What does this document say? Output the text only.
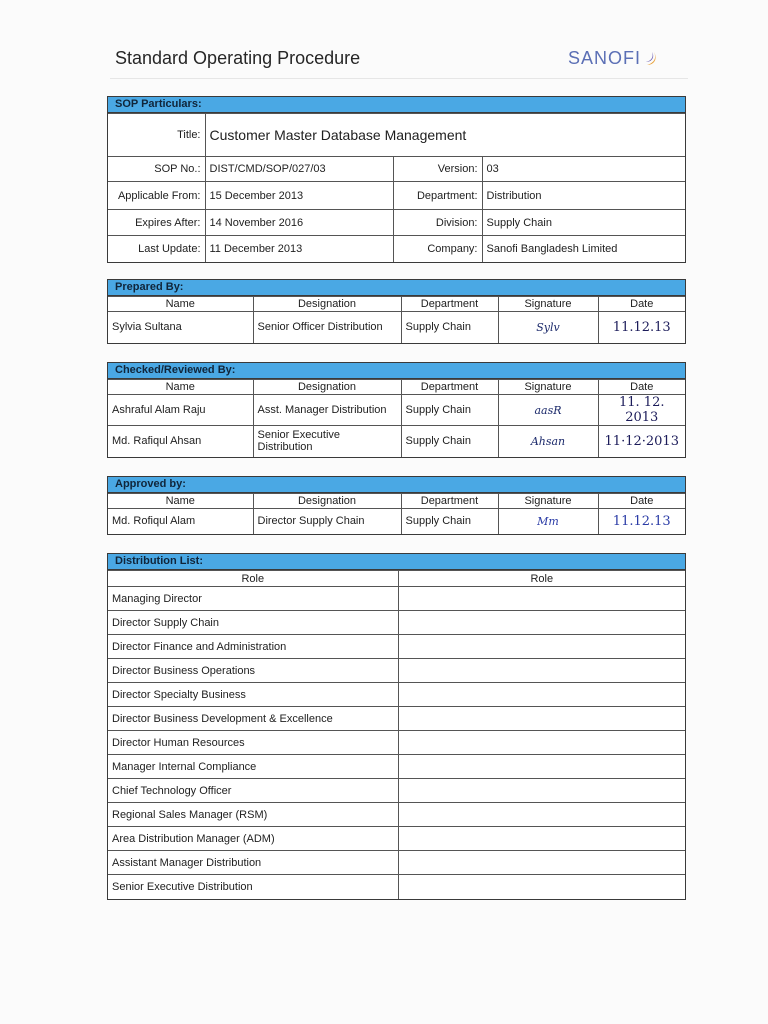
Standard Operating Procedure	SANOFI
SOP Particulars:
Title:	Customer Master Database Management		
SOP No.:	DIST/CMD/SOP/027/03	Version:	03
Applicable From:	15 December 2013	Department:	Distribution
Expires After:	14 November 2016	Division:	Supply Chain
Last Update:	11 December 2013	Company:	Sanofi Bangladesh Limited
Prepared By:
Name	Designation	Department	Signature	Date
Sylvia Sultana	Senior Officer Distribution	Supply Chain	Sylv	11.12.13
Checked/Reviewed By:
Name	Designation	Department	Signature	Date
Ashraful Alam Raju	Asst. Manager Distribution	Supply Chain	aasR	11. 12. 2013
Md. Rafiqul Ahsan	Senior Executive Distribution	Supply Chain	Ahsan	11·12·2013
Approved by:
Name	Designation	Department	Signature	Date
Md. Rofiqul Alam	Director Supply Chain	Supply Chain	Mm	11.12.13
Distribution List:
Role	Role
Managing Director	
Director Supply Chain	
Director Finance and Administration	
Director Business Operations	
Director Specialty Business	
Director Business Development & Excellence	
Director Human Resources	
Manager Internal Compliance	
Chief Technology Officer	
Regional Sales Manager (RSM)	
Area Distribution Manager (ADM)	
Assistant Manager Distribution	
Senior Executive Distribution	
